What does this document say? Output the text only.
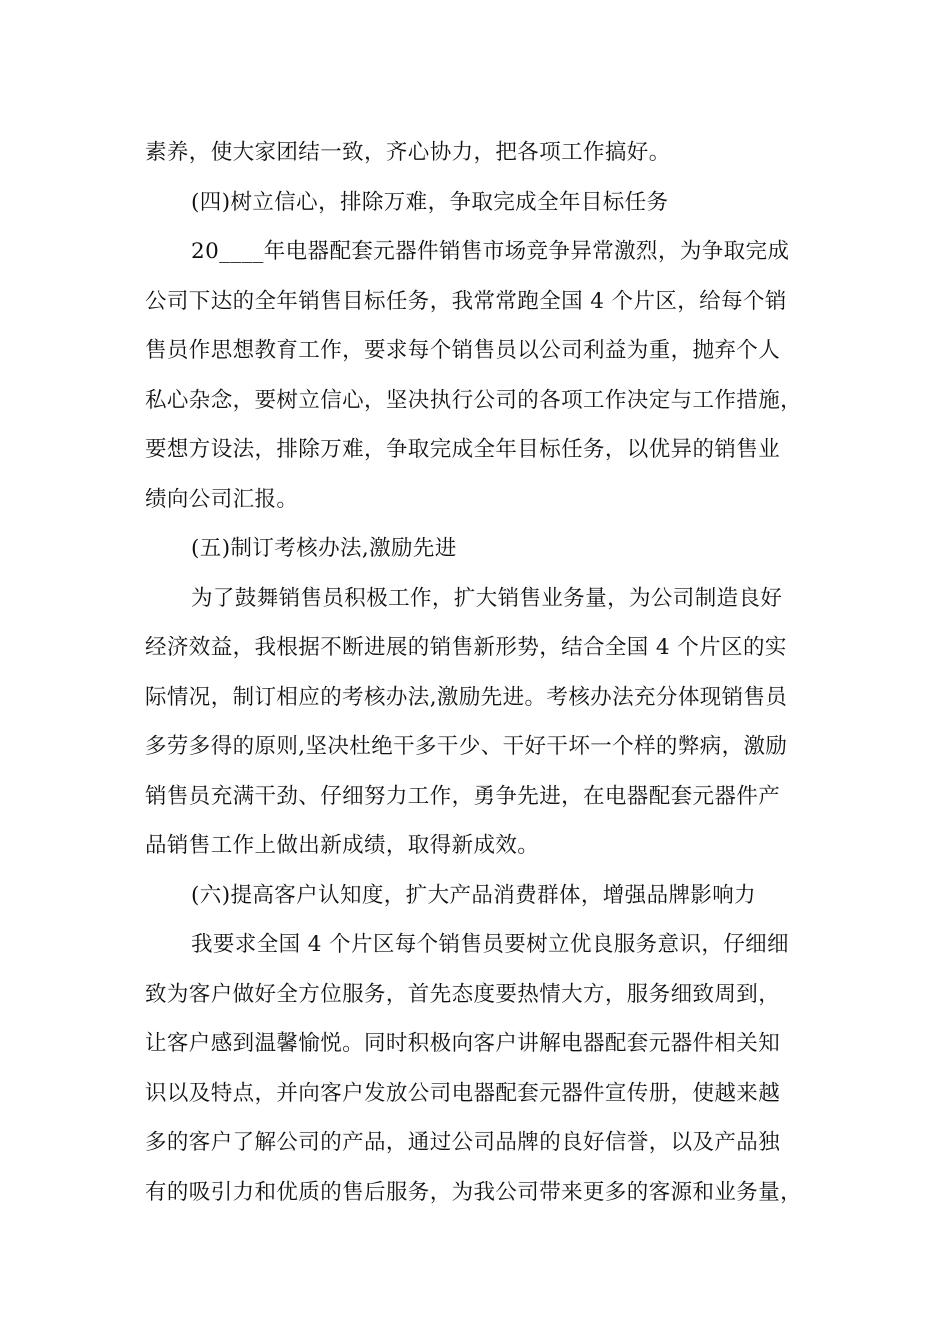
素养，使大家团结一致，齐心协力，把各项工作搞好。
(四)树立信心，排除万难，争取完成全年目标任务
20____年电器配套元器件销售市场竞争异常激烈，为争取完成
公司下达的全年销售目标任务，我常常跑全国 4 个片区，给每个销
售员作思想教育工作，要求每个销售员以公司利益为重，抛弃个人
私心杂念，要树立信心，坚决执行公司的各项工作决定与工作措施，
要想方设法，排除万难，争取完成全年目标任务，以优异的销售业
绩向公司汇报。
(五)制订考核办法,激励先进
为了鼓舞销售员积极工作，扩大销售业务量，为公司制造良好
经济效益，我根据不断进展的销售新形势，结合全国 4 个片区的实
际情况，制订相应的考核办法,激励先进。考核办法充分体现销售员
多劳多得的原则,坚决杜绝干多干少、干好干坏一个样的弊病，激励
销售员充满干劲、仔细努力工作，勇争先进，在电器配套元器件产
品销售工作上做出新成绩，取得新成效。
(六)提高客户认知度，扩大产品消费群体，增强品牌影响力
我要求全国 4 个片区每个销售员要树立优良服务意识，仔细细
致为客户做好全方位服务，首先态度要热情大方，服务细致周到，
让客户感到温馨愉悦。同时积极向客户讲解电器配套元器件相关知
识以及特点，并向客户发放公司电器配套元器件宣传册，使越来越
多的客户了解公司的产品，通过公司品牌的良好信誉，以及产品独
有的吸引力和优质的售后服务，为我公司带来更多的客源和业务量，
